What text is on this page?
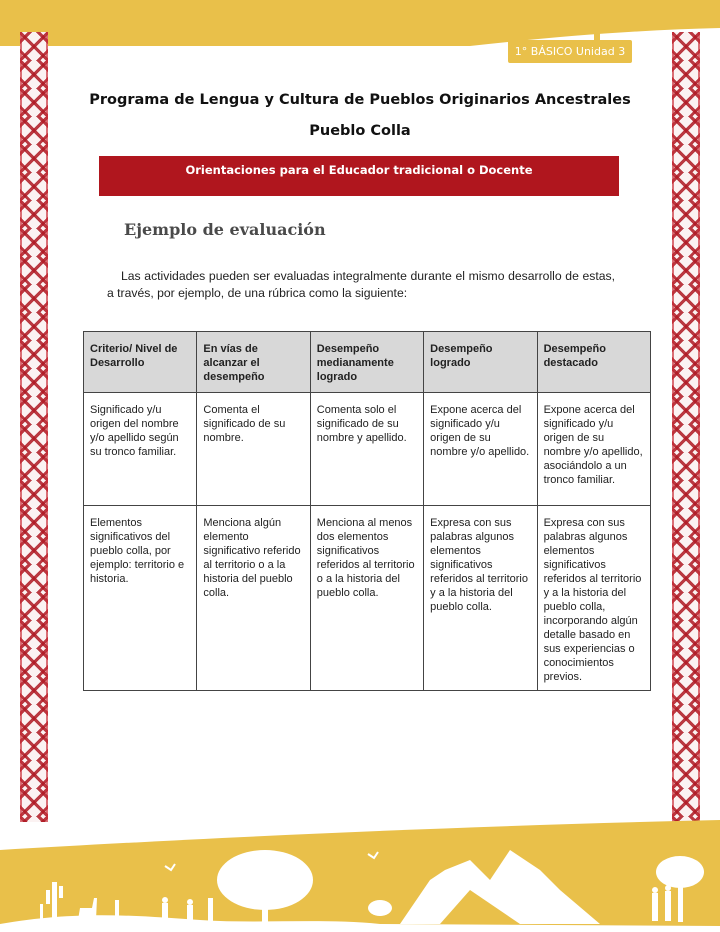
1° BÁSICO Unidad 3
Programa de Lengua y Cultura de Pueblos Originarios Ancestrales
Pueblo Colla
Orientaciones para el Educador tradicional o Docente
Ejemplo de evaluación
Las actividades pueden ser evaluadas integralmente durante el mismo desarrollo de estas, a través, por ejemplo, de una rúbrica como la siguiente:
Criterio/ Nivel de Desarrollo	En vías de alcanzar el desempeño	Desempeño medianamente logrado	Desempeño logrado	Desempeño destacado
Significado y/u origen del nombre y/o apellido según su tronco familiar.	Comenta el significado de su nombre.	Comenta solo el significado de su nombre y apellido.	Expone acerca del significado y/u origen de su nombre y/o apellido.	Expone acerca del significado y/u origen de su nombre y/o apellido, asociándolo a un tronco familiar.
Elementos significativos del pueblo colla, por ejemplo: territorio e historia.	Menciona algún elemento significativo referido al territorio o a la historia del pueblo colla.	Menciona al menos dos elementos significativos referidos al territorio o a la historia del pueblo colla.	Expresa con sus palabras algunos elementos significativos referidos al territorio y a la historia del pueblo colla.	Expresa con sus palabras algunos elementos significativos referidos al territorio y a la historia del pueblo colla, incorporando algún detalle basado en sus experiencias o conocimientos previos.
